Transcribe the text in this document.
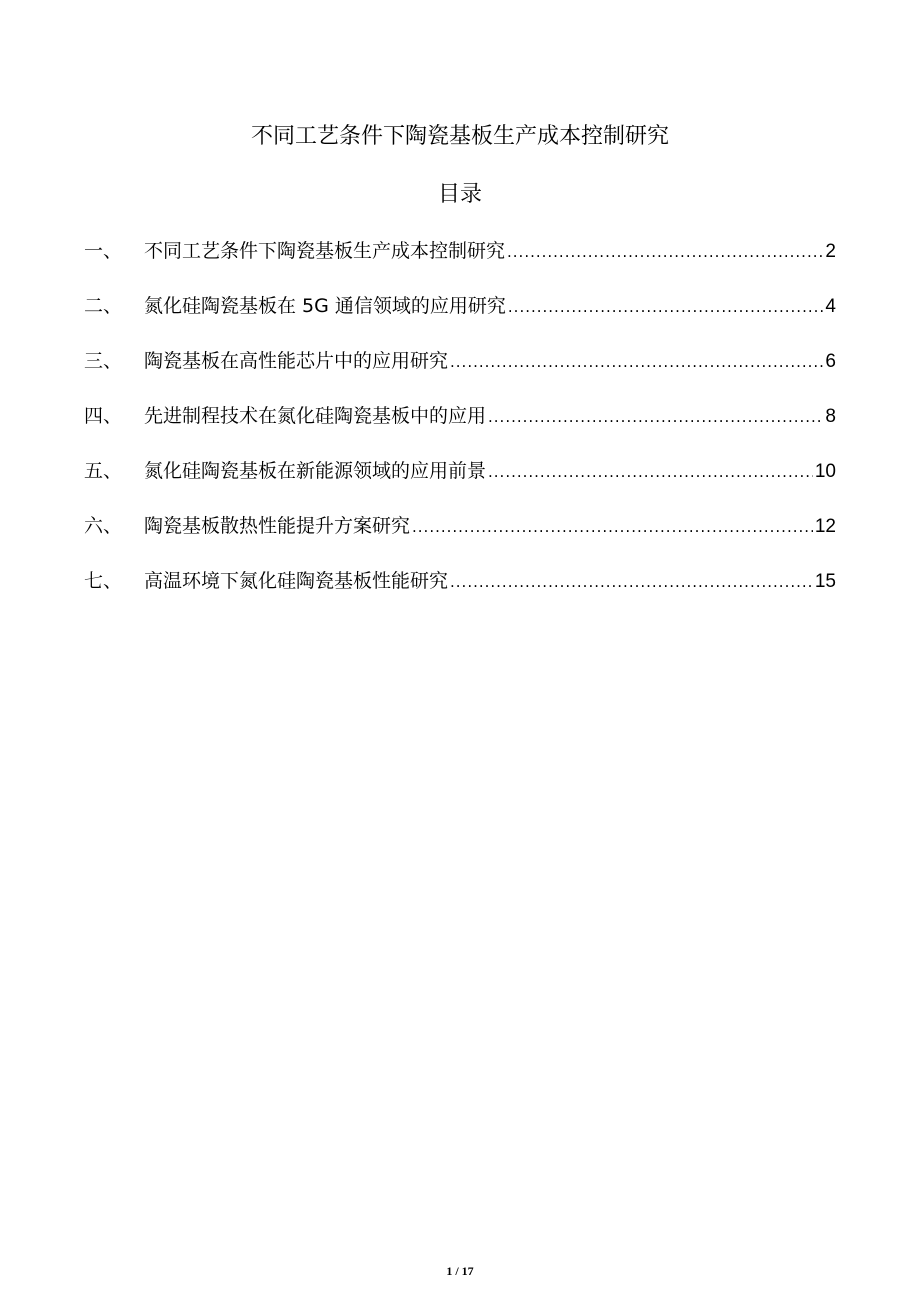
不同工艺条件下陶瓷基板生产成本控制研究
目录
一、	不同工艺条件下陶瓷基板生产成本控制研究 .....	2
二、	氮化硅陶瓷基板在 5G 通信领域的应用研究 .....	4
三、	陶瓷基板在高性能芯片中的应用研究 .....	6
四、	先进制程技术在氮化硅陶瓷基板中的应用 .....	8
五、	氮化硅陶瓷基板在新能源领域的应用前景 .....	10
六、	陶瓷基板散热性能提升方案研究 .....	12
七、	高温环境下氮化硅陶瓷基板性能研究 .....	15
1 / 17
